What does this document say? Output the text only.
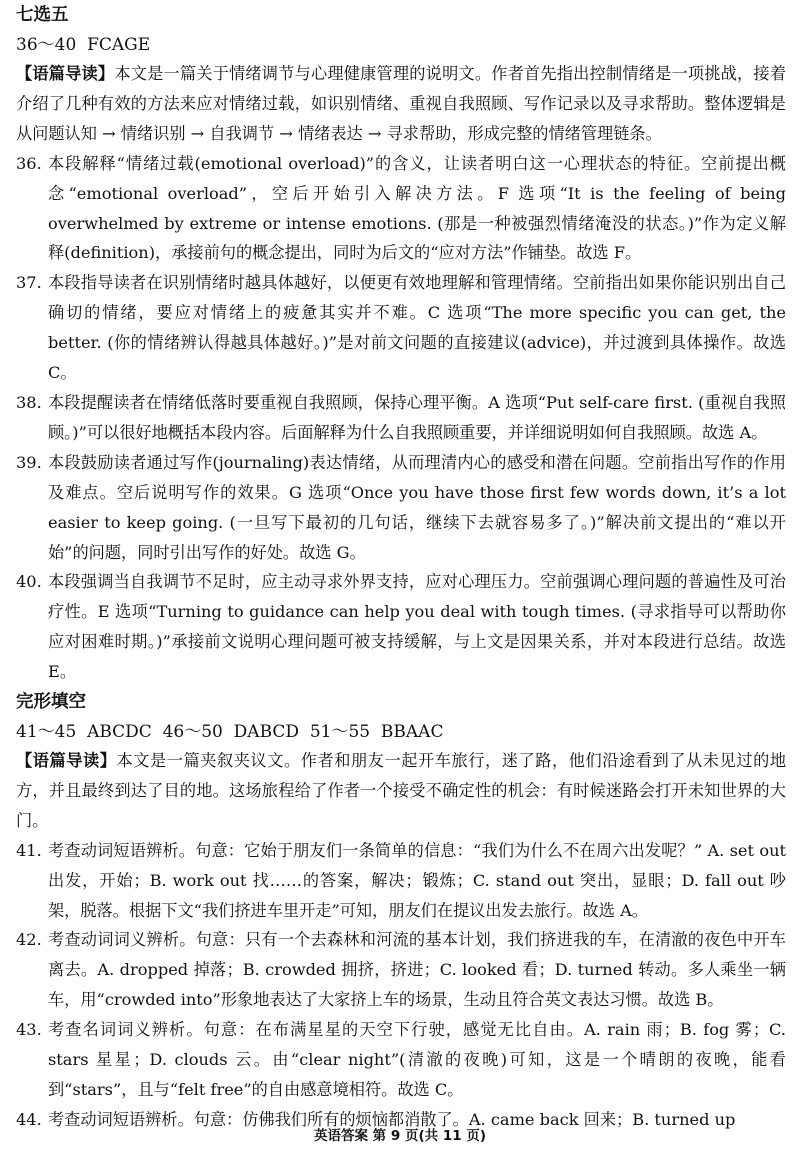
七选五
36～40  FCAGE

【语篇导读】本文是一篇关于情绪调节与心理健康管理的说明文。作者首先指出控制情绪是一项挑战，接着介绍了几种有效的方法来应对情绪过载，如识别情绪、重视自我照顾、写作记录以及寻求帮助。整体逻辑是从问题认知 → 情绪识别 → 自我调节 → 情绪表达 → 寻求帮助，形成完整的情绪管理链条。

36. 本段解释“情绪过载(emotional overload)”的含义，让读者明白这一心理状态的特征。空前提出概念“emotional overload”，空后开始引入解决方法。F 选项“It is the feeling of being overwhelmed by extreme or intense emotions. (那是一种被强烈情绪淹没的状态。)”作为定义解释(definition)，承接前句的概念提出，同时为后文的“应对方法”作铺垫。故选 F。

37. 本段指导读者在识别情绪时越具体越好，以便更有效地理解和管理情绪。空前指出如果你能识别出自己确切的情绪，要应对情绪上的疲惫其实并不难。C 选项“The more specific you can get, the better. (你的情绪辨认得越具体越好。)”是对前文问题的直接建议(advice)，并过渡到具体操作。故选 C。

38. 本段提醒读者在情绪低落时要重视自我照顾，保持心理平衡。A 选项“Put self-care first. (重视自我照顾。)”可以很好地概括本段内容。后面解释为什么自我照顾重要，并详细说明如何自我照顾。故选 A。

39. 本段鼓励读者通过写作(journaling)表达情绪，从而理清内心的感受和潜在问题。空前指出写作的作用及难点。空后说明写作的效果。G 选项“Once you have those first few words down, it’s a lot easier to keep going. (一旦写下最初的几句话，继续下去就容易多了。)”解决前文提出的“难以开始”的问题，同时引出写作的好处。故选 G。

40. 本段强调当自我调节不足时，应主动寻求外界支持，应对心理压力。空前强调心理问题的普遍性及可治疗性。E 选项“Turning to guidance can help you deal with tough times. (寻求指导可以帮助你应对困难时期。)”承接前文说明心理问题可被支持缓解，与上文是因果关系，并对本段进行总结。故选 E。

完形填空
41～45  ABCDC  46～50  DABCD  51～55  BBAAC

【语篇导读】本文是一篇夹叙夹议文。作者和朋友一起开车旅行，迷了路，他们沿途看到了从未见过的地方，并且最终到达了目的地。这场旅程给了作者一个接受不确定性的机会：有时候迷路会打开未知世界的大门。

41. 考查动词短语辨析。句意：它始于朋友们一条简单的信息：“我们为什么不在周六出发呢？” A. set out 出发，开始；B. work out 找……的答案，解决；锻炼；C. stand out 突出，显眼；D. fall out 吵架，脱落。根据下文“我们挤进车里开走”可知，朋友们在提议出发去旅行。故选 A。

42. 考查动词词义辨析。句意：只有一个去森林和河流的基本计划，我们挤进我的车，在清澈的夜色中开车离去。A. dropped 掉落；B. crowded 拥挤，挤进；C. looked 看；D. turned 转动。多人乘坐一辆车，用“crowded into”形象地表达了大家挤上车的场景，生动且符合英文表达习惯。故选 B。

43. 考查名词词义辨析。句意：在布满星星的天空下行驶，感觉无比自由。A. rain 雨；B. fog 雾；C. stars 星星；D. clouds 云。由“clear night”(清澈的夜晚)可知，这是一个晴朗的夜晚，能看到“stars”，且与“felt free”的自由感意境相符。故选 C。

44. 考查动词短语辨析。句意：仿佛我们所有的烦恼都消散了。A. came back 回来；B. turned up

英语答案 第 9 页(共 11 页)
